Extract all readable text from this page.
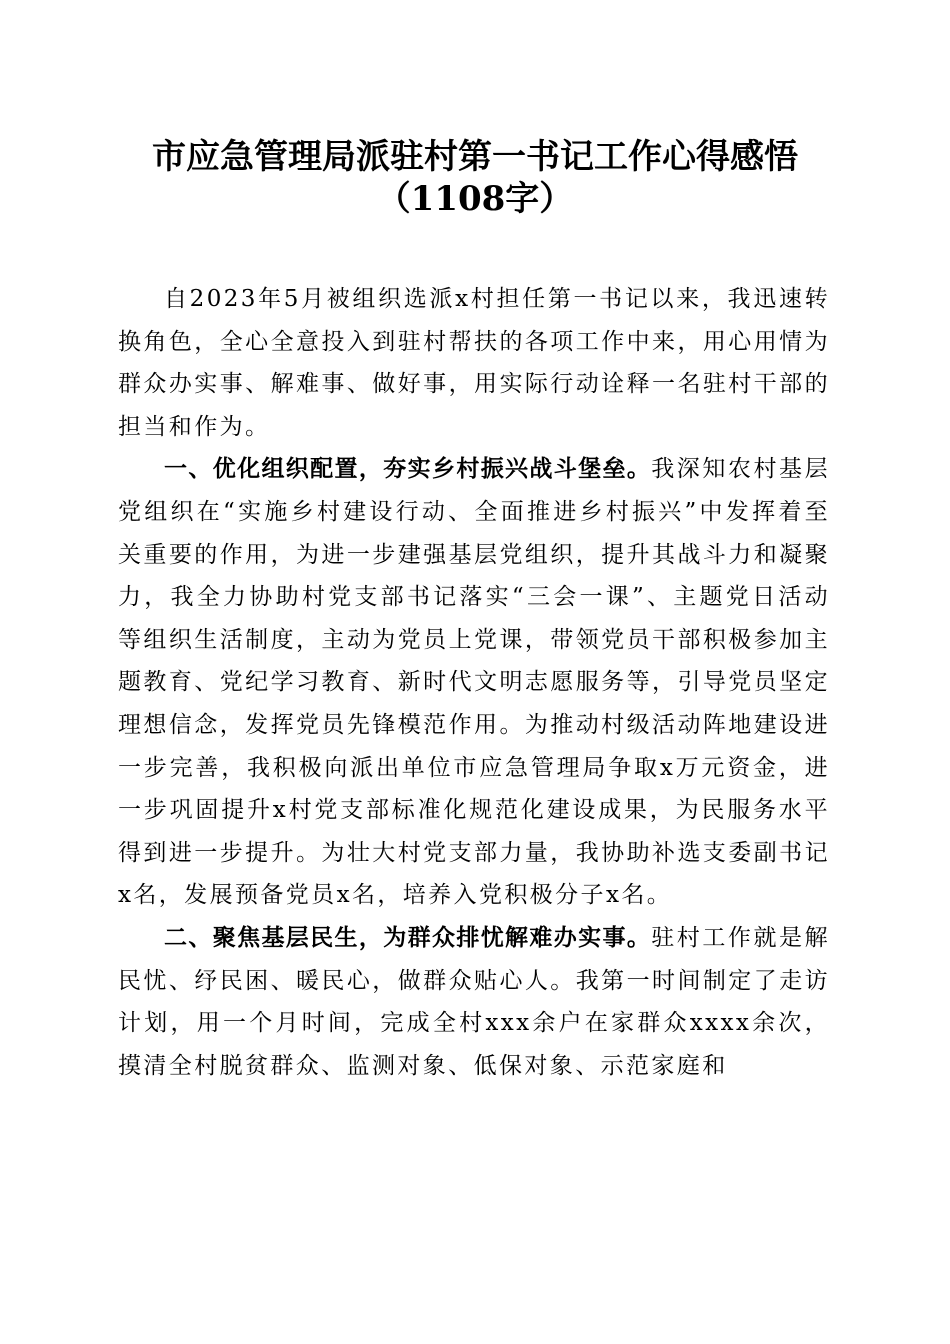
市应急管理局派驻村第一书记工作心得感悟
（1108字）

自2023年5月被组织选派x村担任第一书记以来，我迅速转换角色，全心全意投入到驻村帮扶的各项工作中来，用心用情为群众办实事、解难事、做好事，用实际行动诠释一名驻村干部的担当和作为。

一、优化组织配置，夯实乡村振兴战斗堡垒。我深知农村基层党组织在“实施乡村建设行动、全面推进乡村振兴”中发挥着至关重要的作用，为进一步建强基层党组织，提升其战斗力和凝聚力，我全力协助村党支部书记落实“三会一课”、主题党日活动等组织生活制度，主动为党员上党课，带领党员干部积极参加主题教育、党纪学习教育、新时代文明志愿服务等，引导党员坚定理想信念，发挥党员先锋模范作用。为推动村级活动阵地建设进一步完善，我积极向派出单位市应急管理局争取x万元资金，进一步巩固提升x村党支部标准化规范化建设成果，为民服务水平得到进一步提升。为壮大村党支部力量，我协助补选支委副书记x名，发展预备党员x名，培养入党积极分子x名。

二、聚焦基层民生，为群众排忧解难办实事。驻村工作就是解民忧、纾民困、暖民心，做群众贴心人。我第一时间制定了走访计划，用一个月时间，完成全村xxx余户在家群众xxxx余次，摸清全村脱贫群众、监测对象、低保对象、示范家庭和
